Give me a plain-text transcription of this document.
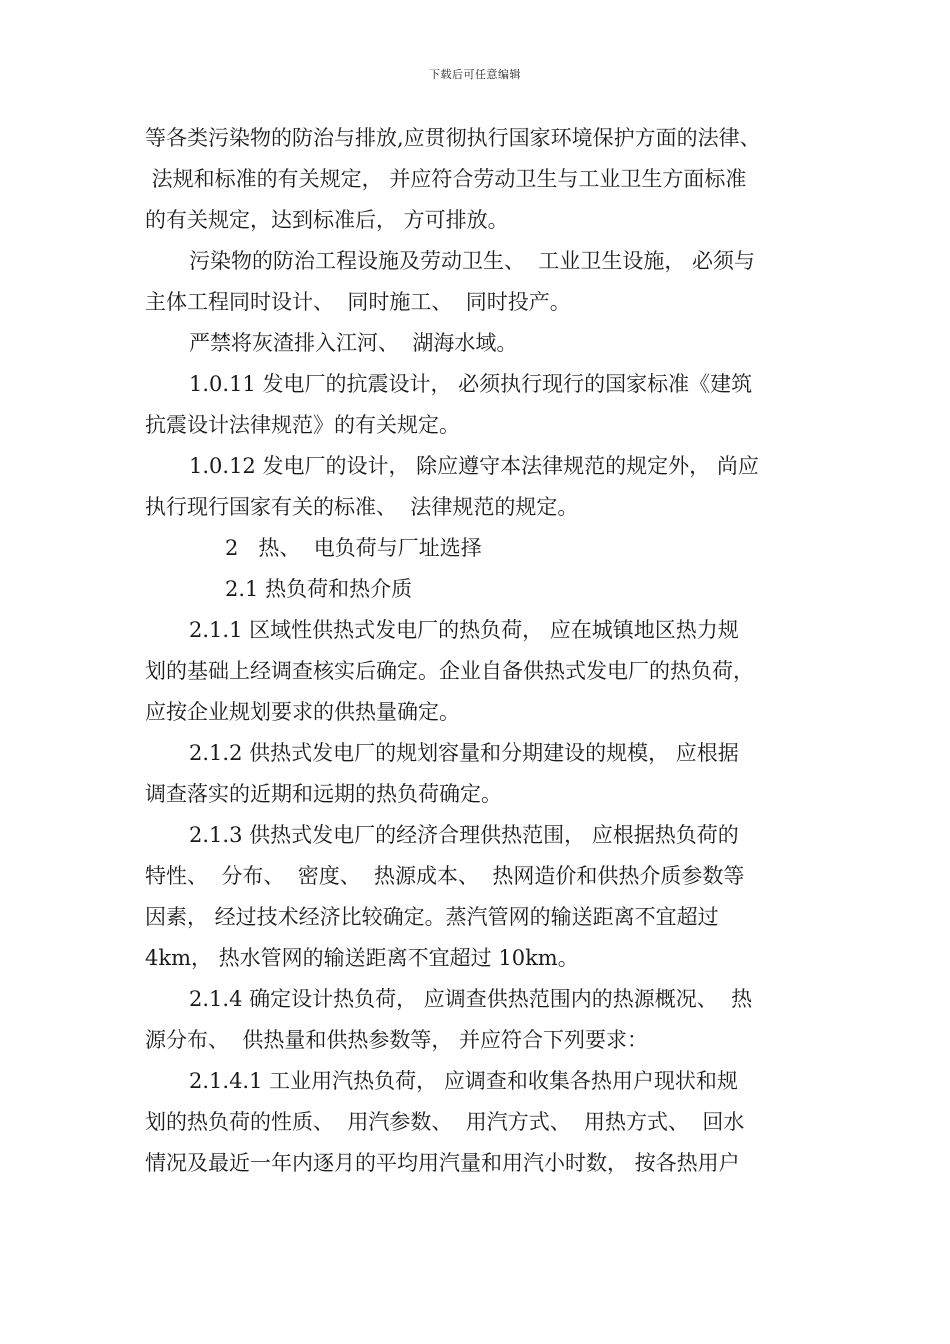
下载后可任意编辑
等各类污染物的防治与排放,应贯彻执行国家环境保护方面的法律、
法规和标准的有关规定， 并应符合劳动卫生与工业卫生方面标准
的有关规定，达到标准后， 方可排放。
污染物的防治工程设施及劳动卫生、  工业卫生设施， 必须与
主体工程同时设计、  同时施工、  同时投产。
严禁将灰渣排入江河、  湖海水域。
1.0.11 发电厂的抗震设计， 必须执行现行的国家标准《建筑
抗震设计法律规范》的有关规定。
1.0.12 发电厂的设计， 除应遵守本法律规范的规定外， 尚应
执行现行国家有关的标准、  法律规范的规定。
2   热、  电负荷与厂址选择
2.1 热负荷和热介质
2.1.1 区域性供热式发电厂的热负荷， 应在城镇地区热力规
划的基础上经调查核实后确定。企业自备供热式发电厂的热负荷，
应按企业规划要求的供热量确定。
2.1.2 供热式发电厂的规划容量和分期建设的规模， 应根据
调查落实的近期和远期的热负荷确定。
2.1.3 供热式发电厂的经济合理供热范围， 应根据热负荷的
特性、  分布、  密度、  热源成本、  热网造价和供热介质参数等
因素， 经过技术经济比较确定。蒸汽管网的输送距离不宜超过
4km， 热水管网的输送距离不宜超过 10km。
2.1.4 确定设计热负荷， 应调查供热范围内的热源概况、  热
源分布、  供热量和供热参数等， 并应符合下列要求：
2.1.4.1 工业用汽热负荷， 应调查和收集各热用户现状和规
划的热负荷的性质、  用汽参数、  用汽方式、  用热方式、  回水
情况及最近一年内逐月的平均用汽量和用汽小时数， 按各热用户
